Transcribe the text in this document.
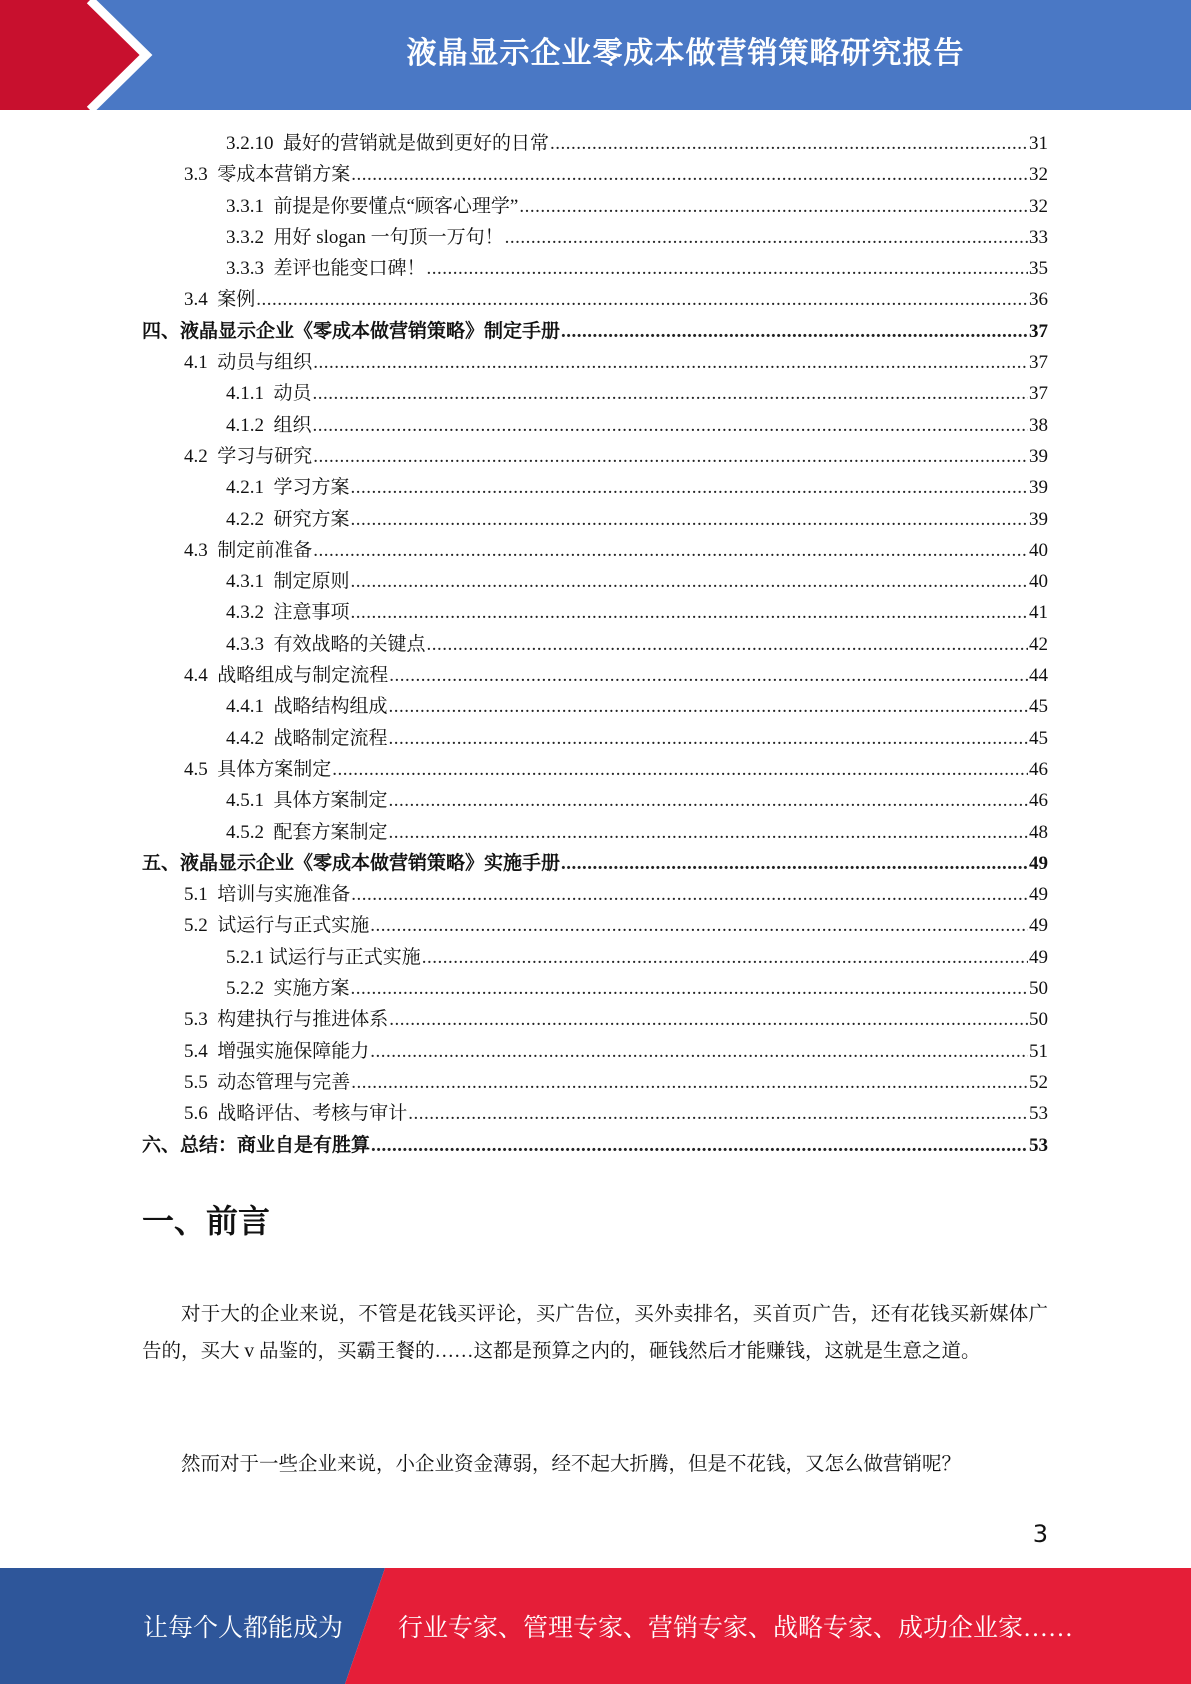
液晶显示企业零成本做营销策略研究报告
3.2.10  最好的营销就是做到更好的日常 .....	31
3.3  零成本营销方案 .....	32
3.3.1  前提是你要懂点“顾客心理学” .....	32
3.3.2  用好 slogan 一句顶一万句！ .....	33
3.3.3  差评也能变口碑！ .....	35
3.4  案例 .....	36
四、液晶显示企业《零成本做营销策略》制定手册 .....	37
4.1  动员与组织 .....	37
4.1.1  动员 .....	37
4.1.2  组织 .....	38
4.2  学习与研究 .....	39
4.2.1  学习方案 .....	39
4.2.2  研究方案 .....	39
4.3  制定前准备 .....	40
4.3.1  制定原则 .....	40
4.3.2  注意事项 .....	41
4.3.3  有效战略的关键点 .....	42
4.4  战略组成与制定流程 .....	44
4.4.1  战略结构组成 .....	45
4.4.2  战略制定流程 .....	45
4.5  具体方案制定 .....	46
4.5.1  具体方案制定 .....	46
4.5.2  配套方案制定 .....	48
五、液晶显示企业《零成本做营销策略》实施手册 .....	49
5.1  培训与实施准备 .....	49
5.2  试运行与正式实施 .....	49
5.2.1 试运行与正式实施 .....	49
5.2.2  实施方案 .....	50
5.3  构建执行与推进体系 .....	50
5.4  增强实施保障能力 .....	51
5.5  动态管理与完善 .....	52
5.6  战略评估、考核与审计 .....	53
六、总结：商业自是有胜算 .....	53
一、前言

对于大的企业来说，不管是花钱买评论，买广告位，买外卖排名，买首页广告，还有花钱买新媒体广告的，买大 v 品鉴的，买霸王餐的……这都是预算之内的，砸钱然后才能赚钱，这就是生意之道。

然而对于一些企业来说，小企业资金薄弱，经不起大折腾，但是不花钱，又怎么做营销呢？

3
让每个人都能成为 行业专家、管理专家、营销专家、战略专家、成功企业家……
